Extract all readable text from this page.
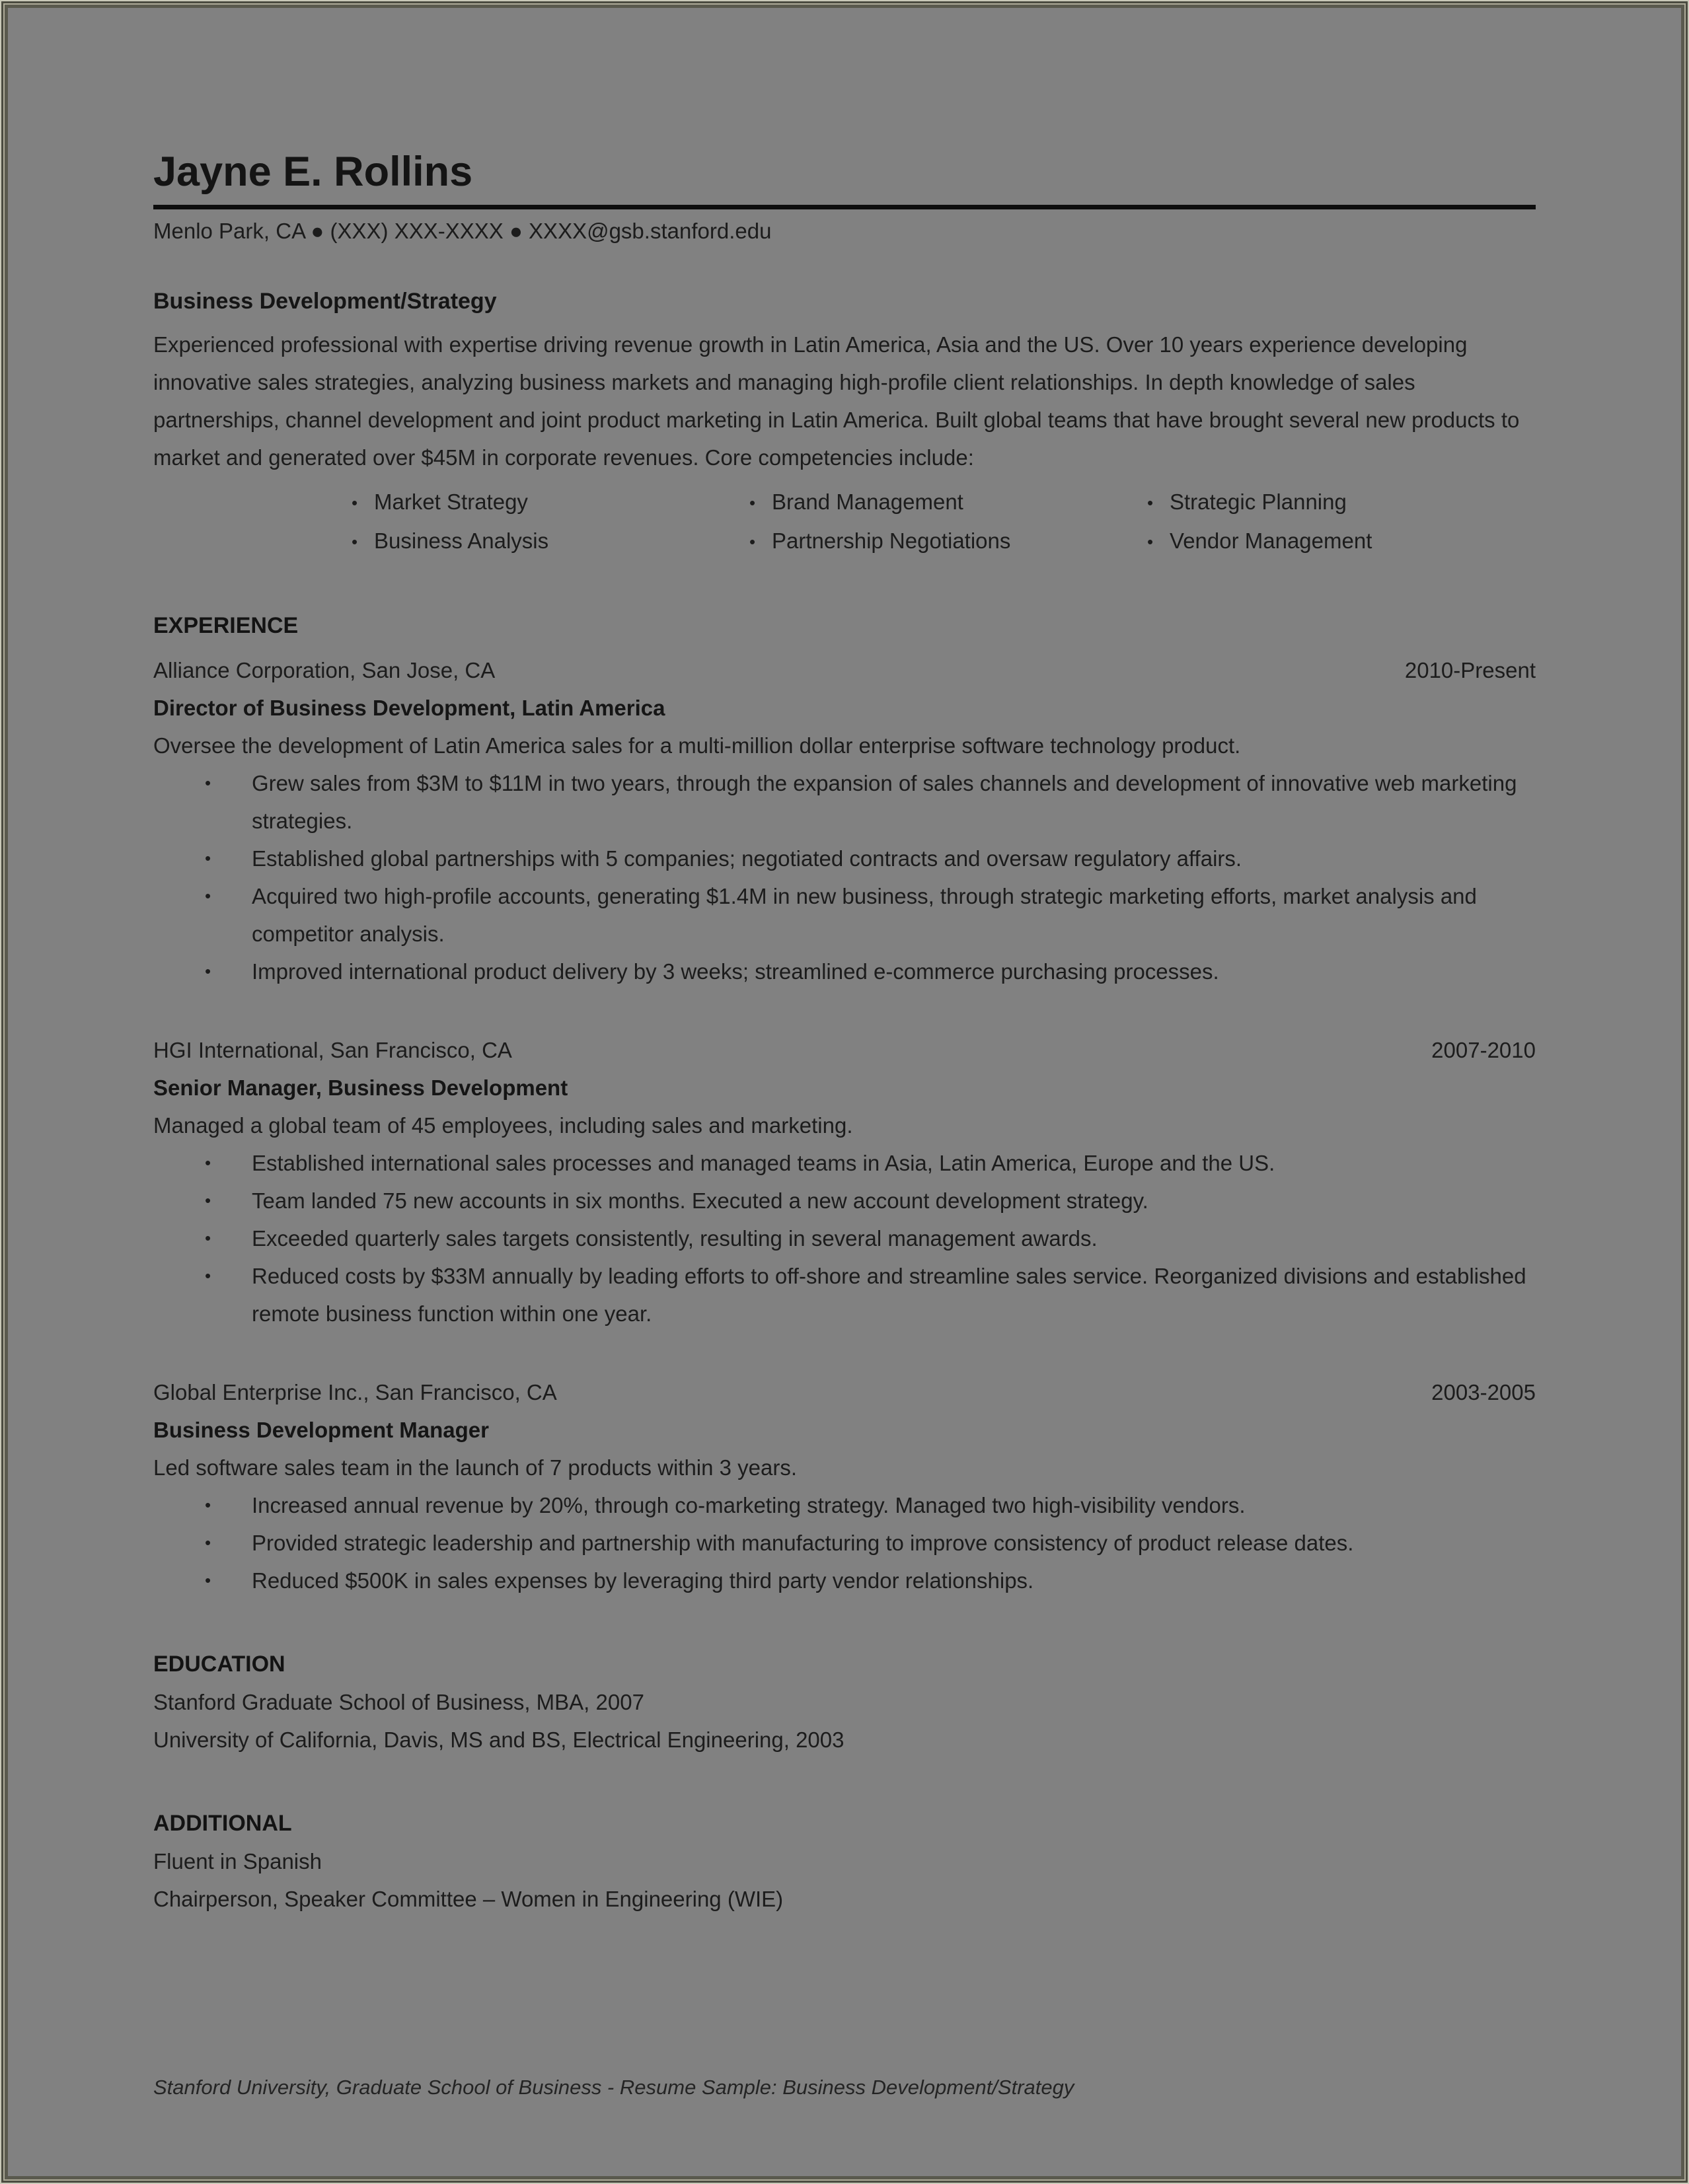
Jayne E. Rollins
Menlo Park, CA ● (XXX) XXX-XXXX ● XXXX@gsb.stanford.edu
Business Development/Strategy

Experienced professional with expertise driving revenue growth in Latin America, Asia and the US. Over 10 years experience developing innovative sales strategies, analyzing business markets and managing high-profile client relationships. In depth knowledge of sales partnerships, channel development and joint product marketing in Latin America. Built global teams that have brought several new products to market and generated over $45M in corporate revenues. Core competencies include:

• Market Strategy
• Business Analysis
• Brand Management
• Partnership Negotiations
• Strategic Planning
• Vendor Management
EXPERIENCE
Alliance Corporation, San Jose, CA	2010-Present
Director of Business Development, Latin America
Oversee the development of Latin America sales for a multi-million dollar enterprise software technology product.
• Grew sales from $3M to $11M in two years, through the expansion of sales channels and development of innovative web marketing strategies.
• Established global partnerships with 5 companies; negotiated contracts and oversaw regulatory affairs.
• Acquired two high-profile accounts, generating $1.4M in new business, through strategic marketing efforts, market analysis and competitor analysis.
• Improved international product delivery by 3 weeks; streamlined e-commerce purchasing processes.
HGI International, San Francisco, CA	2007-2010
Senior Manager, Business Development
Managed a global team of 45 employees, including sales and marketing.
• Established international sales processes and managed teams in Asia, Latin America, Europe and the US.
• Team landed 75 new accounts in six months. Executed a new account development strategy.
• Exceeded quarterly sales targets consistently, resulting in several management awards.
• Reduced costs by $33M annually by leading efforts to off-shore and streamline sales service. Reorganized divisions and established remote business function within one year.
Global Enterprise Inc., San Francisco, CA	2003-2005
Business Development Manager
Led software sales team in the launch of 7 products within 3 years.
• Increased annual revenue by 20%, through co-marketing strategy. Managed two high-visibility vendors.
• Provided strategic leadership and partnership with manufacturing to improve consistency of product release dates.
• Reduced $500K in sales expenses by leveraging third party vendor relationships.
EDUCATION
Stanford Graduate School of Business, MBA, 2007
University of California, Davis, MS and BS, Electrical Engineering, 2003
ADDITIONAL
Fluent in Spanish
Chairperson, Speaker Committee – Women in Engineering (WIE)
Stanford University, Graduate School of Business - Resume Sample: Business Development/Strategy
